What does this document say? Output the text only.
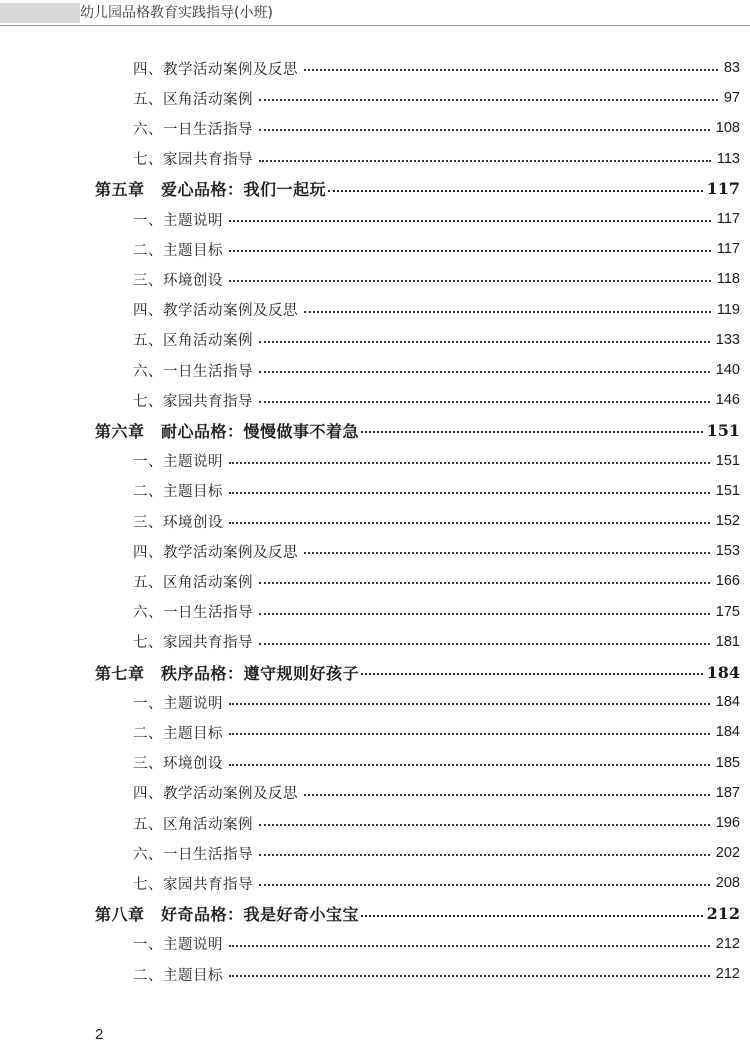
幼儿园品格教育实践指导(小班)
四、教学活动案例及反思	83
五、区角活动案例	97
六、一日生活指导	108
七、家园共育指导	113
第五章　爱心品格：我们一起玩	117
一、主题说明	117
二、主题目标	117
三、环境创设	118
四、教学活动案例及反思	119
五、区角活动案例	133
六、一日生活指导	140
七、家园共育指导	146
第六章　耐心品格：慢慢做事不着急	151
一、主题说明	151
二、主题目标	151
三、环境创设	152
四、教学活动案例及反思	153
五、区角活动案例	166
六、一日生活指导	175
七、家园共育指导	181
第七章　秩序品格：遵守规则好孩子	184
一、主题说明	184
二、主题目标	184
三、环境创设	185
四、教学活动案例及反思	187
五、区角活动案例	196
六、一日生活指导	202
七、家园共育指导	208
第八章　好奇品格：我是好奇小宝宝	212
一、主题说明	212
二、主题目标	212
2
